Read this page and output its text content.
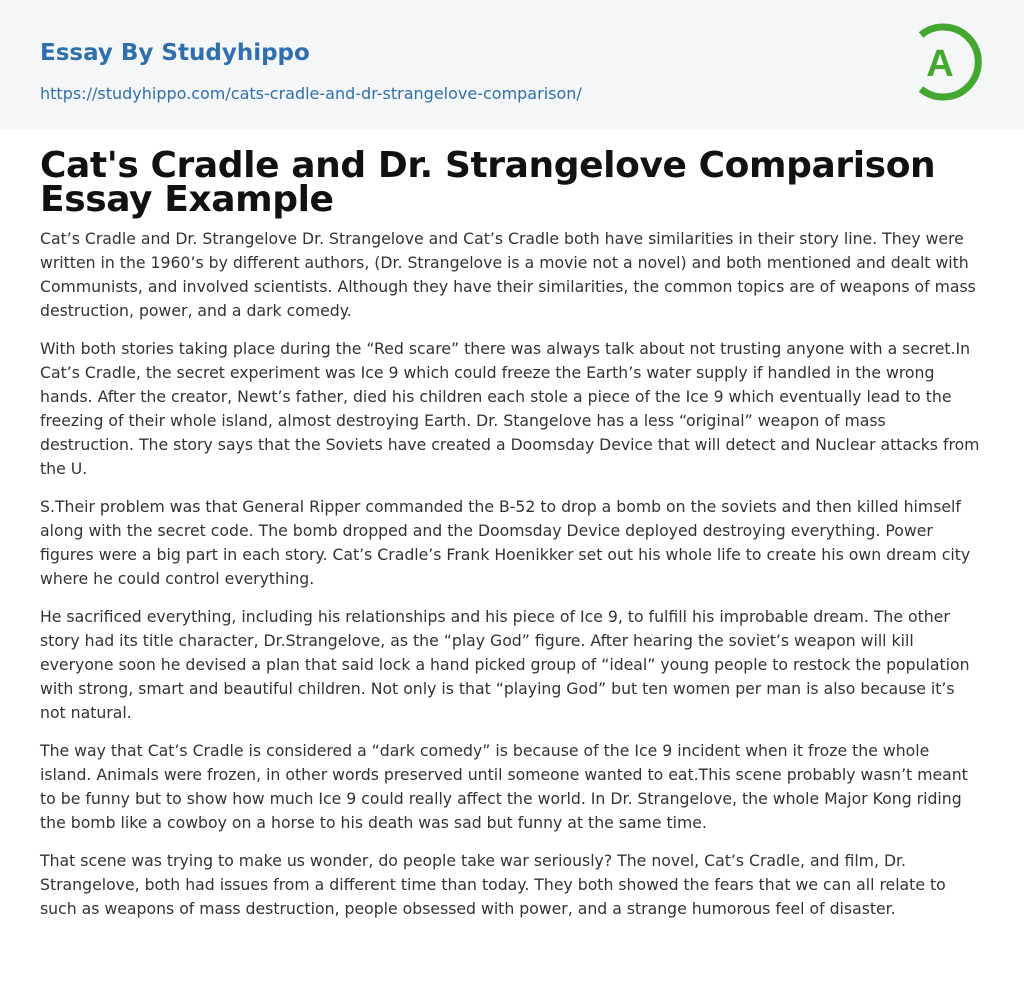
Essay By Studyhippo
https://studyhippo.com/cats-cradle-and-dr-strangelove-comparison/
A
Cat's Cradle and Dr. Strangelove Comparison Essay Example

Cat’s Cradle and Dr. Strangelove Dr. Strangelove and Cat’s Cradle both have similarities in their story line. They were written in the 1960’s by different authors, (Dr. Strangelove is a movie not a novel) and both mentioned and dealt with Communists, and involved scientists. Although they have their similarities, the common topics are of weapons of mass destruction, power, and a dark comedy.

With both stories taking place during the “Red scare” there was always talk about not trusting anyone with a secret.In Cat’s Cradle, the secret experiment was Ice 9 which could freeze the Earth’s water supply if handled in the wrong hands. After the creator, Newt’s father, died his children each stole a piece of the Ice 9 which eventually lead to the freezing of their whole island, almost destroying Earth. Dr. Stangelove has a less “original” weapon of mass destruction. The story says that the Soviets have created a Doomsday Device that will detect and Nuclear attacks from the U.

S.Their problem was that General Ripper commanded the B-52 to drop a bomb on the soviets and then killed himself along with the secret code. The bomb dropped and the Doomsday Device deployed destroying everything. Power figures were a big part in each story. Cat’s Cradle’s Frank Hoenikker set out his whole life to create his own dream city where he could control everything.

He sacrificed everything, including his relationships and his piece of Ice 9, to fulfill his improbable dream. The other story had its title character, Dr.Strangelove, as the “play God” figure. After hearing the soviet’s weapon will kill everyone soon he devised a plan that said lock a hand picked group of “ideal” young people to restock the population with strong, smart and beautiful children. Not only is that “playing God” but ten women per man is also because it’s not natural.

The way that Cat’s Cradle is considered a “dark comedy” is because of the Ice 9 incident when it froze the whole island. Animals were frozen, in other words preserved until someone wanted to eat.This scene probably wasn’t meant to be funny but to show how much Ice 9 could really affect the world. In Dr. Strangelove, the whole Major Kong riding the bomb like a cowboy on a horse to his death was sad but funny at the same time.

That scene was trying to make us wonder, do people take war seriously? The novel, Cat’s Cradle, and film, Dr. Strangelove, both had issues from a different time than today. They both showed the fears that we can all relate to such as weapons of mass destruction, people obsessed with power, and a strange humorous feel of disaster.
